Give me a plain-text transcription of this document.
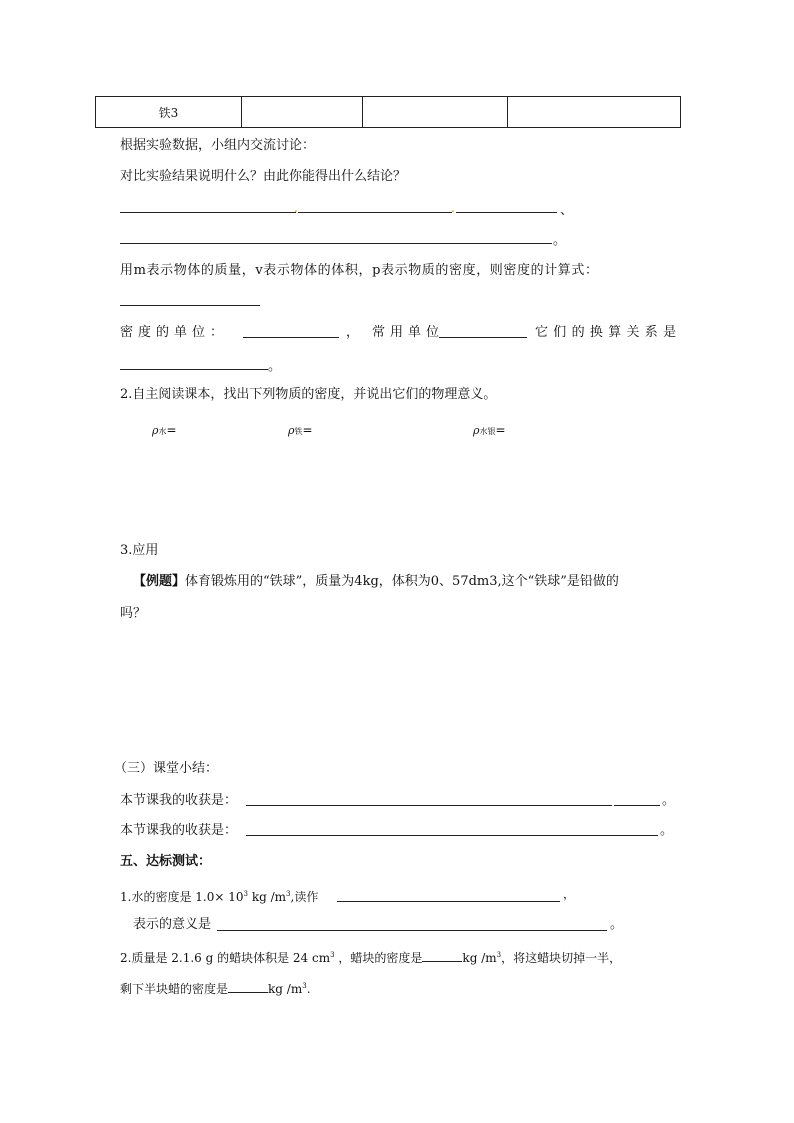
铁3			
根据实验数据，小组内交流讨论：
对比实验结果说明什么？由此你能得出什么结论？
.	.	、
。
用m表示物体的质量，v表示物体的体积，p表示物质的密度，则密度的计算式：
密度的单位：	， 常用单位	它们的换算关系是
。
2.自主阅读课本，找出下列物质的密度，并说出它们的物理意义。
ρ水=	ρ铁=	ρ水银=
3.应用
【例题】体育锻炼用的“铁球”，质量为4kg，体积为0、57dm3,这个“铁球”是铅做的
吗？
（三）课堂小结：
本节课我的收获是：	。
本节课我的收获是：	。
五、达标测试：
1.水的密度是 $1.0\times 10^3$ kg $/m^3$,读作	，
表示的意义是	。
2.质量是 2.1.6 g 的蜡块体积是 24 $cm^3$ ，蜡块的密度是	kg $/m^3$，将这蜡块切掉一半，
剩下半块蜡的密度是	kg $/m^3$.
